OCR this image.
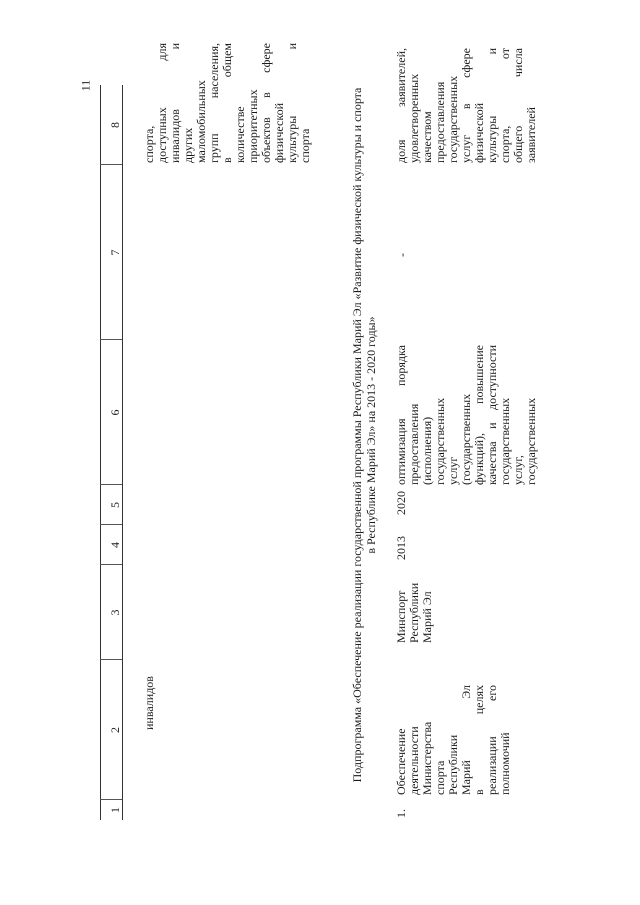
11
1
2
3
4
5
6
7
8
инвалидов
спорта, доступных для инвалидов и других маломобильных групп населения, в общем количестве приоритетных объектов в сфере физической культуры и спорта	Подпрограмма «Обеспечение реализации государственной программы Республики Марий Эл «Развитие физической культуры и спорта в Республике Марий Эл» на 2013 - 2020 годы»
1.
Обеспечение деятельности Министерства спорта Республики Марий Эл в целях реализации его полномочий
Минспорт Республики Марий Эл
2013
2020
оптимизация порядка предоставления (исполнения) государственных услуг (государственных функций), повышение качества и доступности государственных услуг, государственных
-
доля заявителей, удовлетворенных качеством предоставления государственных услуг в сфере физической культуры и спорта, от общего числа заявителей
